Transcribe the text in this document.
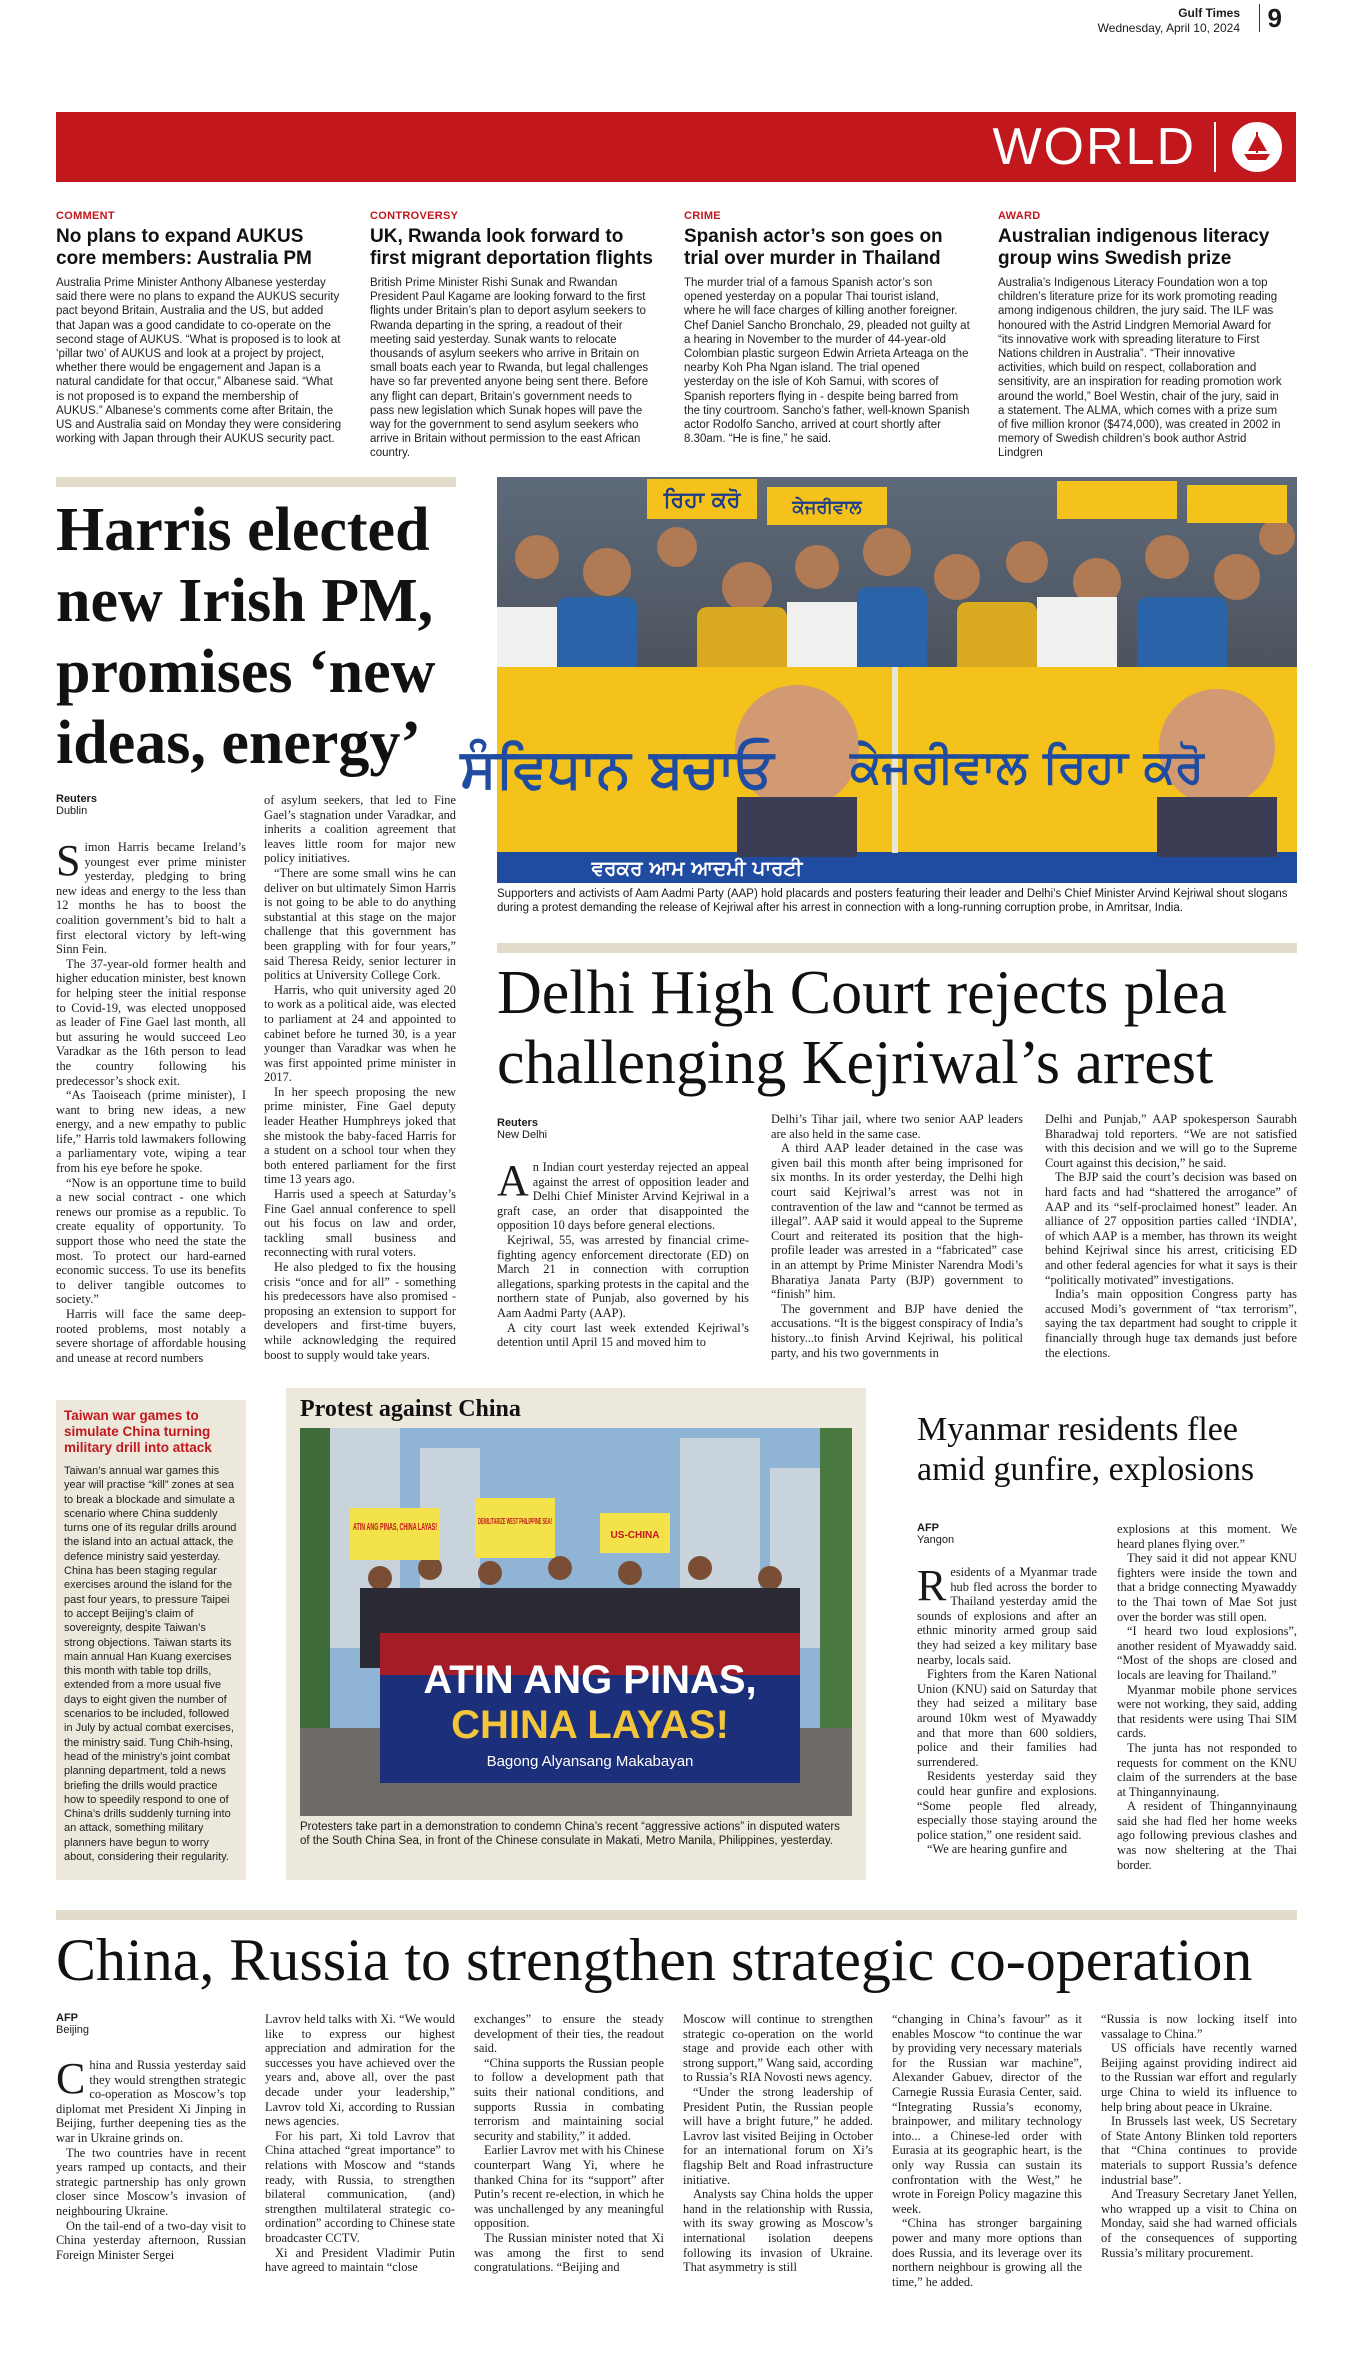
Gulf Times
Wednesday, April 10, 2024	9
WORLD
COMMENT
No plans to expand AUKUS core members: Australia PM
Australia Prime Minister Anthony Albanese yesterday said there were no plans to expand the AUKUS security pact beyond Britain, Australia and the US, but added that Japan was a good candidate to co-operate on the second stage of AUKUS. “What is proposed is to look at ‘pillar two’ of AUKUS and look at a project by project, whether there would be engagement and Japan is a natural candidate for that occur,” Albanese said. “What is not proposed is to expand the membership of AUKUS.” Albanese’s comments come after Britain, the US and Australia said on Monday they were considering working with Japan through their AUKUS security pact.
CONTROVERSY
UK, Rwanda look forward to first migrant deportation flights
British Prime Minister Rishi Sunak and Rwandan President Paul Kagame are looking forward to the first flights under Britain’s plan to deport asylum seekers to Rwanda departing in the spring, a readout of their meeting said yesterday. Sunak wants to relocate thousands of asylum seekers who arrive in Britain on small boats each year to Rwanda, but legal challenges have so far prevented anyone being sent there. Before any flight can depart, Britain’s government needs to pass new legislation which Sunak hopes will pave the way for the government to send asylum seekers who arrive in Britain without permission to the east African country.
CRIME
Spanish actor’s son goes on trial over murder in Thailand
The murder trial of a famous Spanish actor’s son opened yesterday on a popular Thai tourist island, where he will face charges of killing another foreigner. Chef Daniel Sancho Bronchalo, 29, pleaded not guilty at a hearing in November to the murder of 44-year-old Colombian plastic surgeon Edwin Arrieta Arteaga on the nearby Koh Pha Ngan island. The trial opened yesterday on the isle of Koh Samui, with scores of Spanish reporters flying in - despite being barred from the tiny courtroom. Sancho’s father, well-known Spanish actor Rodolfo Sancho, arrived at court shortly after 8.30am. “He is fine,” he said.
AWARD
Australian indigenous literacy group wins Swedish prize
Australia’s Indigenous Literacy Foundation won a top children’s literature prize for its work promoting reading among indigenous children, the jury said. The ILF was honoured with the Astrid Lindgren Memorial Award for “its innovative work with spreading literature to First Nations children in Australia”. “Their innovative activities, which build on respect, collaboration and sensitivity, are an inspiration for reading promotion work around the world,” Boel Westin, chair of the jury, said in a statement. The ALMA, which comes with a prize sum of five million kronor ($474,000), was created in 2002 in memory of Swedish children’s book author Astrid Lindgren
Harris elected new Irish PM, promises ‘new ideas, energy’
Reuters
Dublin

Simon Harris became Ireland’s youngest ever prime minister yesterday, pledging to bring new ideas and energy to the less than 12 months he has to boost the coalition government’s bid to halt a first electoral victory by left-wing Sinn Fein.

The 37-year-old former health and higher education minister, best known for helping steer the initial response to Covid-19, was elected unopposed as leader of Fine Gael last month, all but assuring he would succeed Leo Varadkar as the 16th person to lead the country following his predecessor’s shock exit.

“As Taoiseach (prime minister), I want to bring new ideas, a new energy, and a new empathy to public life,” Harris told lawmakers following a parliamentary vote, wiping a tear from his eye before he spoke.

“Now is an opportune time to build a new social contract - one which renews our promise as a republic. To create equality of opportunity. To support those who need the state the most. To protect our hard-earned economic success. To use its benefits to deliver tangible outcomes to society.”

Harris will face the same deep-rooted problems, most notably a severe shortage of affordable housing and unease at record numbers

of asylum seekers, that led to Fine Gael’s stagnation under Varadkar, and inherits a coalition agreement that leaves little room for major new policy initiatives.

“There are some small wins he can deliver on but ultimately Simon Harris is not going to be able to do anything substantial at this stage on the major challenge that this government has been grappling with for four years,” said Theresa Reidy, senior lecturer in politics at University College Cork.

Harris, who quit university aged 20 to work as a political aide, was elected to parliament at 24 and appointed to cabinet before he turned 30, is a year younger than Varadkar was when he was first appointed prime minister in 2017.

In her speech proposing the new prime minister, Fine Gael deputy leader Heather Humphreys joked that she mistook the baby-faced Harris for a student on a school tour when they both entered parliament for the first time 13 years ago.

Harris used a speech at Saturday’s Fine Gael annual conference to spell out his focus on law and order, tackling small business and reconnecting with rural voters.

He also pledged to fix the housing crisis “once and for all” - something his predecessors have also promised - proposing an extension to support for developers and first-time buyers, while acknowledging the required boost to supply would take years.

ਰਿਹਾ ਕਰੋ	ਕੇਜਰੀਵਾਲ
ਸੰਵਿਧਾਨ ਬਚਾਓ ਕੇਜਰੀਵਾਲ ਰਿਹਾ ਕਰੋ
ਵਰਕਰ ਆਮ ਆਦਮੀ ਪਾਰਟੀ
Supporters and activists of Aam Aadmi Party (AAP) hold placards and posters featuring their leader and Delhi’s Chief Minister Arvind Kejriwal shout slogans during a protest demanding the release of Kejriwal after his arrest in connection with a long-running corruption probe, in Amritsar, India.
Delhi High Court rejects plea challenging Kejriwal’s arrest
Reuters
New Delhi

An Indian court yesterday rejected an appeal against the arrest of opposition leader and Delhi Chief Minister Arvind Kejriwal in a graft case, an order that disappointed the opposition 10 days before general elections.

Kejriwal, 55, was arrested by financial crime-fighting agency enforcement directorate (ED) on March 21 in connection with corruption allegations, sparking protests in the capital and the northern state of Punjab, also governed by his Aam Aadmi Party (AAP).

A city court last week extended Kejriwal’s detention until April 15 and moved him to

Delhi’s Tihar jail, where two senior AAP leaders are also held in the same case.

A third AAP leader detained in the case was given bail this month after being imprisoned for six months. In its order yesterday, the Delhi high court said Kejriwal’s arrest was not in contravention of the law and “cannot be termed as illegal”. AAP said it would appeal to the Supreme Court and reiterated its position that the high-profile leader was arrested in a “fabricated” case in an attempt by Prime Minister Narendra Modi’s Bharatiya Janata Party (BJP) government to “finish” him.

The government and BJP have denied the accusations. “It is the biggest conspiracy of India’s history...to finish Arvind Kejriwal, his political party, and his two governments in

Delhi and Punjab,” AAP spokesperson Saurabh Bharadwaj told reporters. “We are not satisfied with this decision and we will go to the Supreme Court against this decision,” he said.

The BJP said the court’s decision was based on hard facts and had “shattered the arrogance” of AAP and its “self-proclaimed honest” leader. An alliance of 27 opposition parties called ‘INDIA’, of which AAP is a member, has thrown its weight behind Kejriwal since his arrest, criticising ED and other federal agencies for what it says is their “politically motivated” investigations.

India’s main opposition Congress party has accused Modi’s government of “tax terrorism”, saying the tax department had sought to cripple it financially through huge tax demands just before the elections.

Taiwan war games to simulate China turning military drill into attack
Taiwan’s annual war games this year will practise “kill” zones at sea to break a blockade and simulate a scenario where China suddenly turns one of its regular drills around the island into an actual attack, the defence ministry said yesterday. China has been staging regular exercises around the island for the past four years, to pressure Taipei to accept Beijing’s claim of sovereignty, despite Taiwan’s strong objections. Taiwan starts its main annual Han Kuang exercises this month with table top drills, extended from a more usual five days to eight given the number of scenarios to be included, followed in July by actual combat exercises, the ministry said. Tung Chih-hsing, head of the ministry’s joint combat planning department, told a news briefing the drills would practice how to speedily respond to one of China’s drills suddenly turning into an attack, something military planners have begun to worry about, considering their regularity.
Protest against China
ATIN ANG PINAS, CHINA LAYAS!
DEMILITARIZE WEST PHILIPPINE SEA!
US-CHINA
ATIN ANG PINAS,
CHINA LAYAS!
Bagong Alyansang Makabayan
Protesters take part in a demonstration to condemn China’s recent “aggressive actions” in disputed waters of the South China Sea, in front of the Chinese consulate in Makati, Metro Manila, Philippines, yesterday.
Myanmar residents flee amid gunfire, explosions
AFP
Yangon

Residents of a Myanmar trade hub fled across the border to Thailand yesterday amid the sounds of explosions and after an ethnic minority armed group said they had seized a key military base nearby, locals said.

Fighters from the Karen National Union (KNU) said on Saturday that they had seized a military base around 10km west of Myawaddy and that more than 600 soldiers, police and their families had surrendered.

Residents yesterday said they could hear gunfire and explosions. “Some people fled already, especially those staying around the police station,” one resident said.

“We are hearing gunfire and

explosions at this moment. We heard planes flying over.”

They said it did not appear KNU fighters were inside the town and that a bridge connecting Myawaddy to the Thai town of Mae Sot just over the border was still open.

“I heard two loud explosions”, another resident of Myawaddy said. “Most of the shops are closed and locals are leaving for Thailand.”

Myanmar mobile phone services were not working, they said, adding that residents were using Thai SIM cards.

The junta has not responded to requests for comment on the KNU claim of the surrenders at the base at Thingannyinaung.

A resident of Thingannyinaung said she had fled her home weeks ago following previous clashes and was now sheltering at the Thai border.

China, Russia to strengthen strategic co-operation
AFP
Beijing

China and Russia yesterday said they would strengthen strategic co-operation as Moscow’s top diplomat met President Xi Jinping in Beijing, further deepening ties as the war in Ukraine grinds on.

The two countries have in recent years ramped up contacts, and their strategic partnership has only grown closer since Moscow’s invasion of neighbouring Ukraine.

On the tail-end of a two-day visit to China yesterday afternoon, Russian Foreign Minister Sergei

Lavrov held talks with Xi. “We would like to express our highest appreciation and admiration for the successes you have achieved over the years and, above all, over the past decade under your leadership,” Lavrov told Xi, according to Russian news agencies.

For his part, Xi told Lavrov that China attached “great importance” to relations with Moscow and “stands ready, with Russia, to strengthen bilateral communication, (and) strengthen multilateral strategic co-ordination” according to Chinese state broadcaster CCTV.

Xi and President Vladimir Putin have agreed to maintain “close

exchanges” to ensure the steady development of their ties, the readout said.

“China supports the Russian people to follow a development path that suits their national conditions, and supports Russia in combating terrorism and maintaining social security and stability,” it added.

Earlier Lavrov met with his Chinese counterpart Wang Yi, where he thanked China for its “support” after Putin’s recent re-election, in which he was unchallenged by any meaningful opposition.

The Russian minister noted that Xi was among the first to send congratulations. “Beijing and

Moscow will continue to strengthen strategic co-operation on the world stage and provide each other with strong support,” Wang said, according to Russia’s RIA Novosti news agency.

“Under the strong leadership of President Putin, the Russian people will have a bright future,” he added. Lavrov last visited Beijing in October for an international forum on Xi’s flagship Belt and Road infrastructure initiative.

Analysts say China holds the upper hand in the relationship with Russia, with its sway growing as Moscow’s international isolation deepens following its invasion of Ukraine. That asymmetry is still

“changing in China’s favour” as it enables Moscow “to continue the war by providing very necessary materials for the Russian war machine”, Alexander Gabuev, director of the Carnegie Russia Eurasia Center, said. “Integrating Russia’s economy, brainpower, and military technology into... a Chinese-led order with Eurasia at its geographic heart, is the only way Russia can sustain its confrontation with the West,” he wrote in Foreign Policy magazine this week.

“China has stronger bargaining power and many more options than does Russia, and its leverage over its northern neighbour is growing all the time,” he added.

“Russia is now locking itself into vassalage to China.”

US officials have recently warned Beijing against providing indirect aid to the Russian war effort and regularly urge China to wield its influence to help bring about peace in Ukraine.

In Brussels last week, US Secretary of State Antony Blinken told reporters that “China continues to provide materials to support Russia’s defence industrial base”.

And Treasury Secretary Janet Yellen, who wrapped up a visit to China on Monday, said she had warned officials of the consequences of supporting Russia’s military procurement.
